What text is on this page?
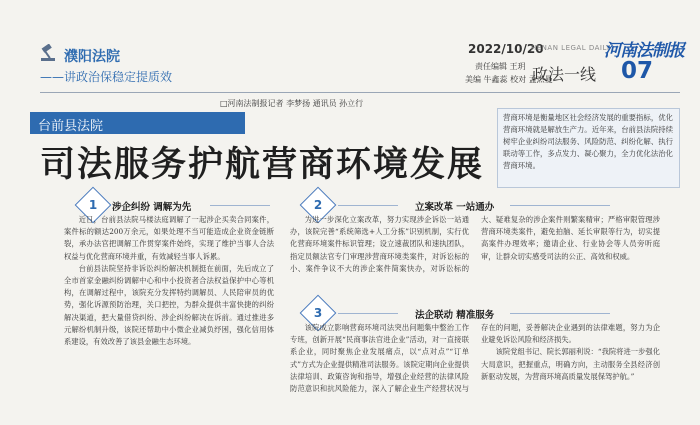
濮阳法院
——讲政治保稳定提质效
2022/10/20
HENAN LEGAL DAILY
河南法制报
责任编辑 王玥
美编 牛鑫蕊 校对 孟杰曼
政法一线 07
□河南法制报记者 李梦扬 通讯员 孙立行
台前县法院
司法服务护航营商环境发展
营商环境是衡量地区社会经济发展的重要指标，优化营商环境就是解放生产力。近年来，台前县法院持续树牢企业纠纷司法服务、风险防范、纠纷化解、执行联动等工作，多点发力、凝心聚力，全力优化法治化营商环境。
1	涉企纠纷 调解为先

近日，台前县法院马楼法庭调解了一起涉企买卖合同案件，案件标的额达200万余元，如果处理不当可能造成企业资金链断裂，承办法官把调解工作贯穿案件始终，实现了维护当事人合法权益与优化营商环境并重，有效减轻当事人诉累。

台前县法院坚持非诉讼纠纷解决机制挺在前面，先后成立了全市首家金融纠纷调解中心和中小投资者合法权益保护中心等机构，在调解过程中，该院充分发挥特约调解员、人民陪审员的优势，强化诉源预防治理，关口把控，为群众提供丰富快捷的纠纷解决渠道，把大量借贷纠纷、涉企纠纷解决在诉前。通过推进多元解纷机制升级，该院还帮助中小微企业减负纾困，强化信用体系建设，有效改善了该县金融生态环境。

2	立案改革 一站通办

为进一步深化立案改革，努力实现涉企诉讼一站通办，该院完善“系统筛选+人工分拣”识别机制，实行优化营商环境案件标识管理；设立速裁团队和速执团队，指定员额法官专门审理涉营商环境类案件，对诉讼标的小、案件争议不大的涉企案件简案快办，对诉讼标的大、疑难复杂的涉企案件则繁案精审；严格审限管理涉营商环境类案件，避免拍脑、延长审限等行为，切实提高案件办理效率；邀请企业、行业协会等人员旁听庭审，让群众切实感受司法的公正、高效和权威。

3	法企联动 精准服务

该院成立影响营商环境司法突出问题集中整治工作专班，创新开展“民商事法官进企业”活动，对一直接联系企业，同时聚焦企业发展痛点，以“点对点”“订单式”方式为企业提供精准司法服务。该院定期向企业提供法律培训、政策咨询和指导，增强企业经营的法律风险防范意识和抗风险能力，深入了解企业生产经营状况与存在的问题，妥善解决企业遇到的法律难题，努力为企业避免诉讼风险和经济损失。

该院党组书记、院长郭丽利说：“我院将进一步强化大局意识，把握重点，明确方向，主动服务全县经济创新驱动发展，为营商环境高质量发展保驾护航。”
